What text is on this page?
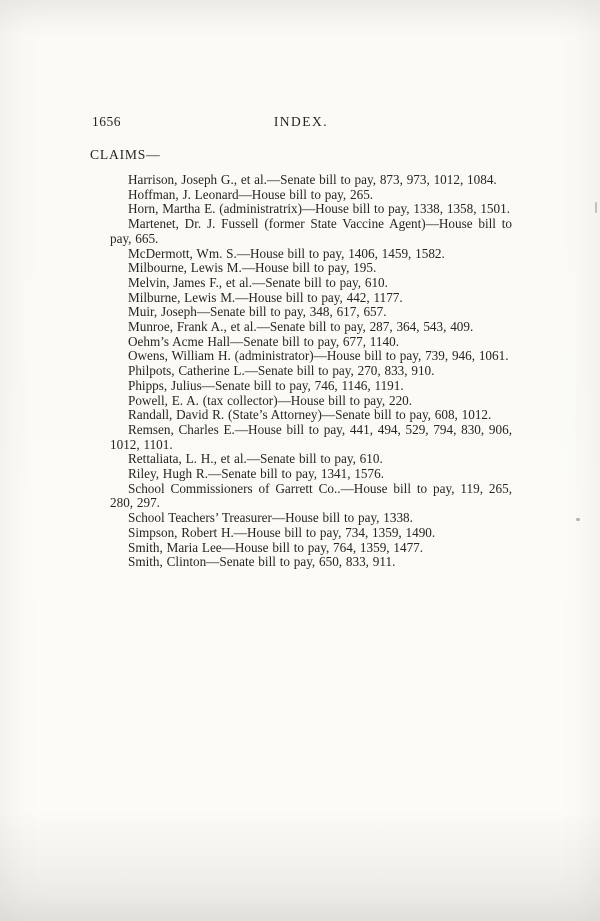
1656	INDEX.
CLAIMS—

Harrison, Joseph G., et al.—Senate bill to pay, 873, 973, 1012, 1084.

Hoffman, J. Leonard—House bill to pay, 265.

Horn, Martha E. (administratrix)—House bill to pay, 1338, 1358, 1501.

Martenet, Dr. J. Fussell (former State Vaccine Agent)—House bill to pay, 665.

McDermott, Wm. S.—House bill to pay, 1406, 1459, 1582.

Milbourne, Lewis M.—House bill to pay, 195.

Melvin, James F., et al.—Senate bill to pay, 610.

Milburne, Lewis M.—House bill to pay, 442, 1177.

Muir, Joseph—Senate bill to pay, 348, 617, 657.

Munroe, Frank A., et al.—Senate bill to pay, 287, 364, 543, 409.

Oehm’s Acme Hall—Senate bill to pay, 677, 1140.

Owens, William H. (administrator)—House bill to pay, 739, 946, 1061.

Philpots, Catherine L.—Senate bill to pay, 270, 833, 910.

Phipps, Julius—Senate bill to pay, 746, 1146, 1191.

Powell, E. A. (tax collector)—House bill to pay, 220.

Randall, David R. (State’s Attorney)—Senate bill to pay, 608, 1012.

Remsen, Charles E.—House bill to pay, 441, 494, 529, 794, 830, 906, 1012, 1101.

Rettaliata, L. H., et al.—Senate bill to pay, 610.

Riley, Hugh R.—Senate bill to pay, 1341, 1576.

School Commissioners of Garrett Co..—House bill to pay, 119, 265, 280, 297.

School Teachers’ Treasurer—House bill to pay, 1338.

Simpson, Robert H.—House bill to pay, 734, 1359, 1490.

Smith, Maria Lee—House bill to pay, 764, 1359, 1477.

Smith, Clinton—Senate bill to pay, 650, 833, 911.
